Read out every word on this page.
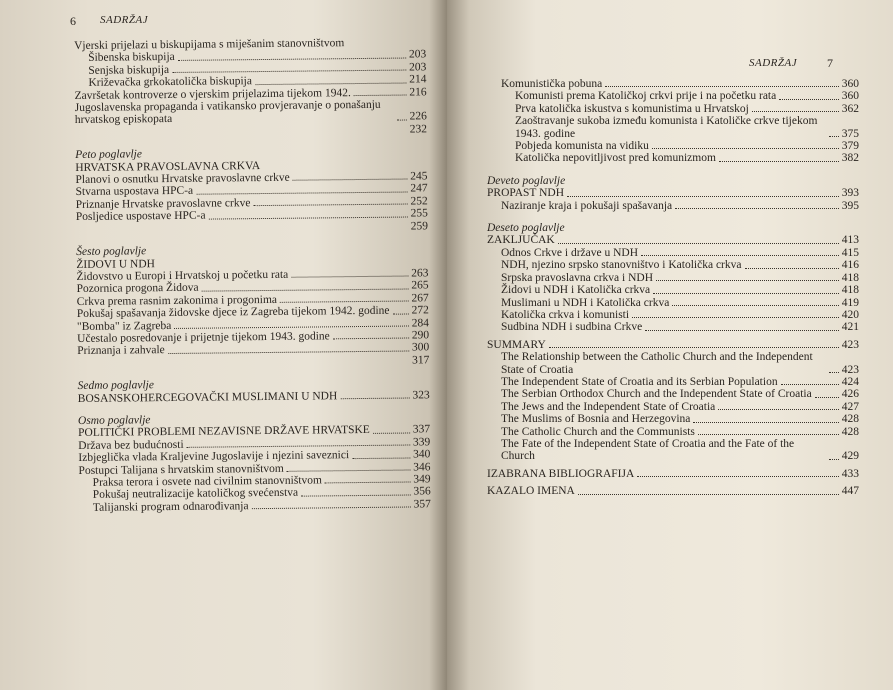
6 SADRŽAJ
Vjerski prijelazi u biskupijama s miješanim stanovništvom
Šibenska biskupija	203
Senjska biskupija	203
Križevačka grkokatolička biskupija	214
Završetak kontroverze o vjerskim prijelazima tijekom 1942.	216
Jugoslavenska propaganda i vatikansko provjeravanje o ponašanju hrvatskog episkopata	226
232
Peto poglavlje
HRVATSKA PRAVOSLAVNA CRKVA
Planovi o osnutku Hrvatske pravoslavne crkve	245
Stvarna uspostava HPC-a	247
Priznanje Hrvatske pravoslavne crkve	252
Posljedice uspostave HPC-a	255
259
Šesto poglavlje
ŽIDOVI U NDH
Židovstvo u Europi i Hrvatskoj u početku rata	263
Pozornica progona Židova	265
Crkva prema rasnim zakonima i progonima	267
Pokušaj spašavanja židovske djece iz Zagreba tijekom 1942. godine 272
"Bomba" iz Zagreba	284
Učestalo posredovanje i prijetnje tijekom 1943. godine	290
Priznanja i zahvale	300
317
Sedmo poglavlje
BOSANSKOHERCEGOVAČKI MUSLIMANI U NDH	323
Osmo poglavlje
POLITIČKI PROBLEMI NEZAVISNE DRŽAVE HRVATSKE	337
Država bez budućnosti	339
Izbjeglička vlada Kraljevine Jugoslavije i njezini saveznici	340
Postupci Talijana s hrvatskim stanovništvom	346
Praksa terora i osvete nad civilnim stanovništvom	349
Pokušaj neutralizacije katoličkog svećenstva	356
Talijanski program odnarođivanja	357
SADRŽAJ 7
Komunistička pobuna	360
Komunisti prema Katoličkoj crkvi prije i na početku rata	360
Prva katolička iskustva s komunistima u Hrvatskoj	362
Zaoštravanje sukoba između komunista i Katoličke crkve tijekom 1943. godine	375
Pobjeda komunista na vidiku	379
Katolička nepovitljivost pred komunizmom	382
Deveto poglavlje
PROPAST NDH	393
Naziranje kraja i pokušaji spašavanja	395
Deseto poglavlje
ZAKLJUČAK	413
Odnos Crkve i države u NDH	415
NDH, njezino srpsko stanovništvo i Katolička crkva	416
Srpska pravoslavna crkva i NDH	418
Židovi u NDH i Katolička crkva	418
Muslimani u NDH i Katolička crkva	419
Katolička crkva i komunisti	420
Sudbina NDH i sudbina Crkve	421
SUMMARY	423
The Relationship between the Catholic Church and the Independent State of Croatia	423
The Independent State of Croatia and its Serbian Population	424
The Serbian Orthodox Church and the Independent State of Croatia	426
The Jews and the Independent State of Croatia	427
The Muslims of Bosnia and Herzegovina	428
The Catholic Church and the Communists	428
The Fate of the Independent State of Croatia and the Fate of the Church	429
IZABRANA BIBLIOGRAFIJA	433
KAZALO IMENA	447
